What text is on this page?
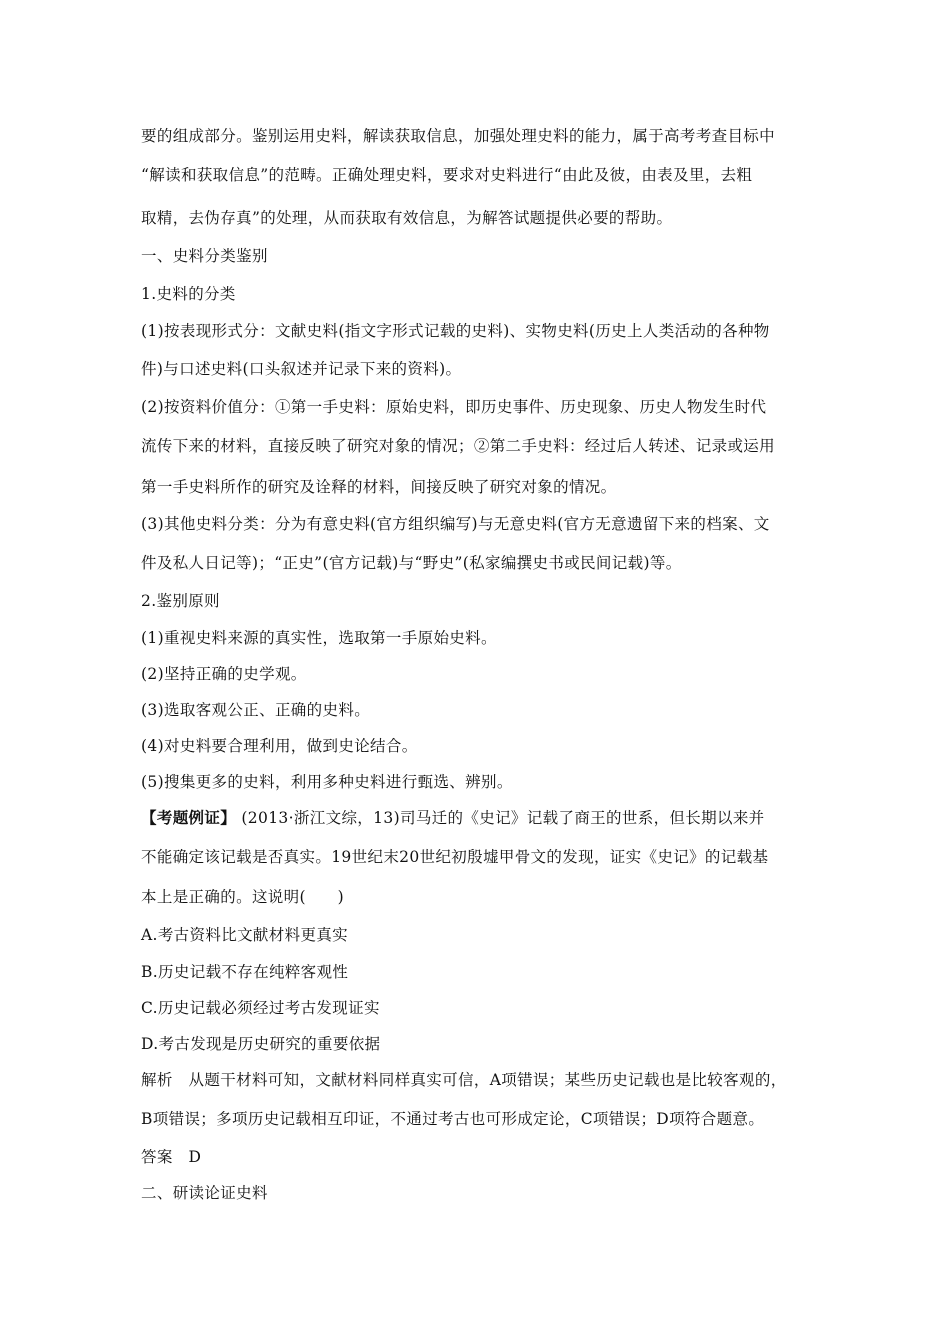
要的组成部分。鉴别运用史料，解读获取信息，加强处理史料的能力，属于高考考查目标中
“解读和获取信息”的范畴。正确处理史料，要求对史料进行“由此及彼，由表及里，去粗
取精，去伪存真”的处理，从而获取有效信息，为解答试题提供必要的帮助。
一、史料分类鉴别
1.史料的分类
(1)按表现形式分：文献史料(指文字形式记载的史料)、实物史料(历史上人类活动的各种物
件)与口述史料(口头叙述并记录下来的资料)。
(2)按资料价值分：①第一手史料：原始史料，即历史事件、历史现象、历史人物发生时代
流传下来的材料，直接反映了研究对象的情况；②第二手史料：经过后人转述、记录或运用
第一手史料所作的研究及诠释的材料，间接反映了研究对象的情况。
(3)其他史料分类：分为有意史料(官方组织编写)与无意史料(官方无意遗留下来的档案、文
件及私人日记等)；“正史”(官方记载)与“野史”(私家编撰史书或民间记载)等。
2.鉴别原则
(1)重视史料来源的真实性，选取第一手原始史料。
(2)坚持正确的史学观。
(3)选取客观公正、正确的史料。
(4)对史料要合理利用，做到史论结合。
(5)搜集更多的史料，利用多种史料进行甄选、辨别。
【考题例证】 (2013·浙江文综，13)司马迁的《史记》记载了商王的世系，但长期以来并
不能确定该记载是否真实。19世纪末20世纪初殷墟甲骨文的发现，证实《史记》的记载基
本上是正确的。这说明(　　)
A.考古资料比文献材料更真实
B.历史记载不存在纯粹客观性
C.历史记载必须经过考古发现证实
D.考古发现是历史研究的重要依据
解析　从题干材料可知，文献材料同样真实可信，A项错误；某些历史记载也是比较客观的，
B项错误；多项历史记载相互印证，不通过考古也可形成定论，C项错误；D项符合题意。
答案　D
二、研读论证史料
